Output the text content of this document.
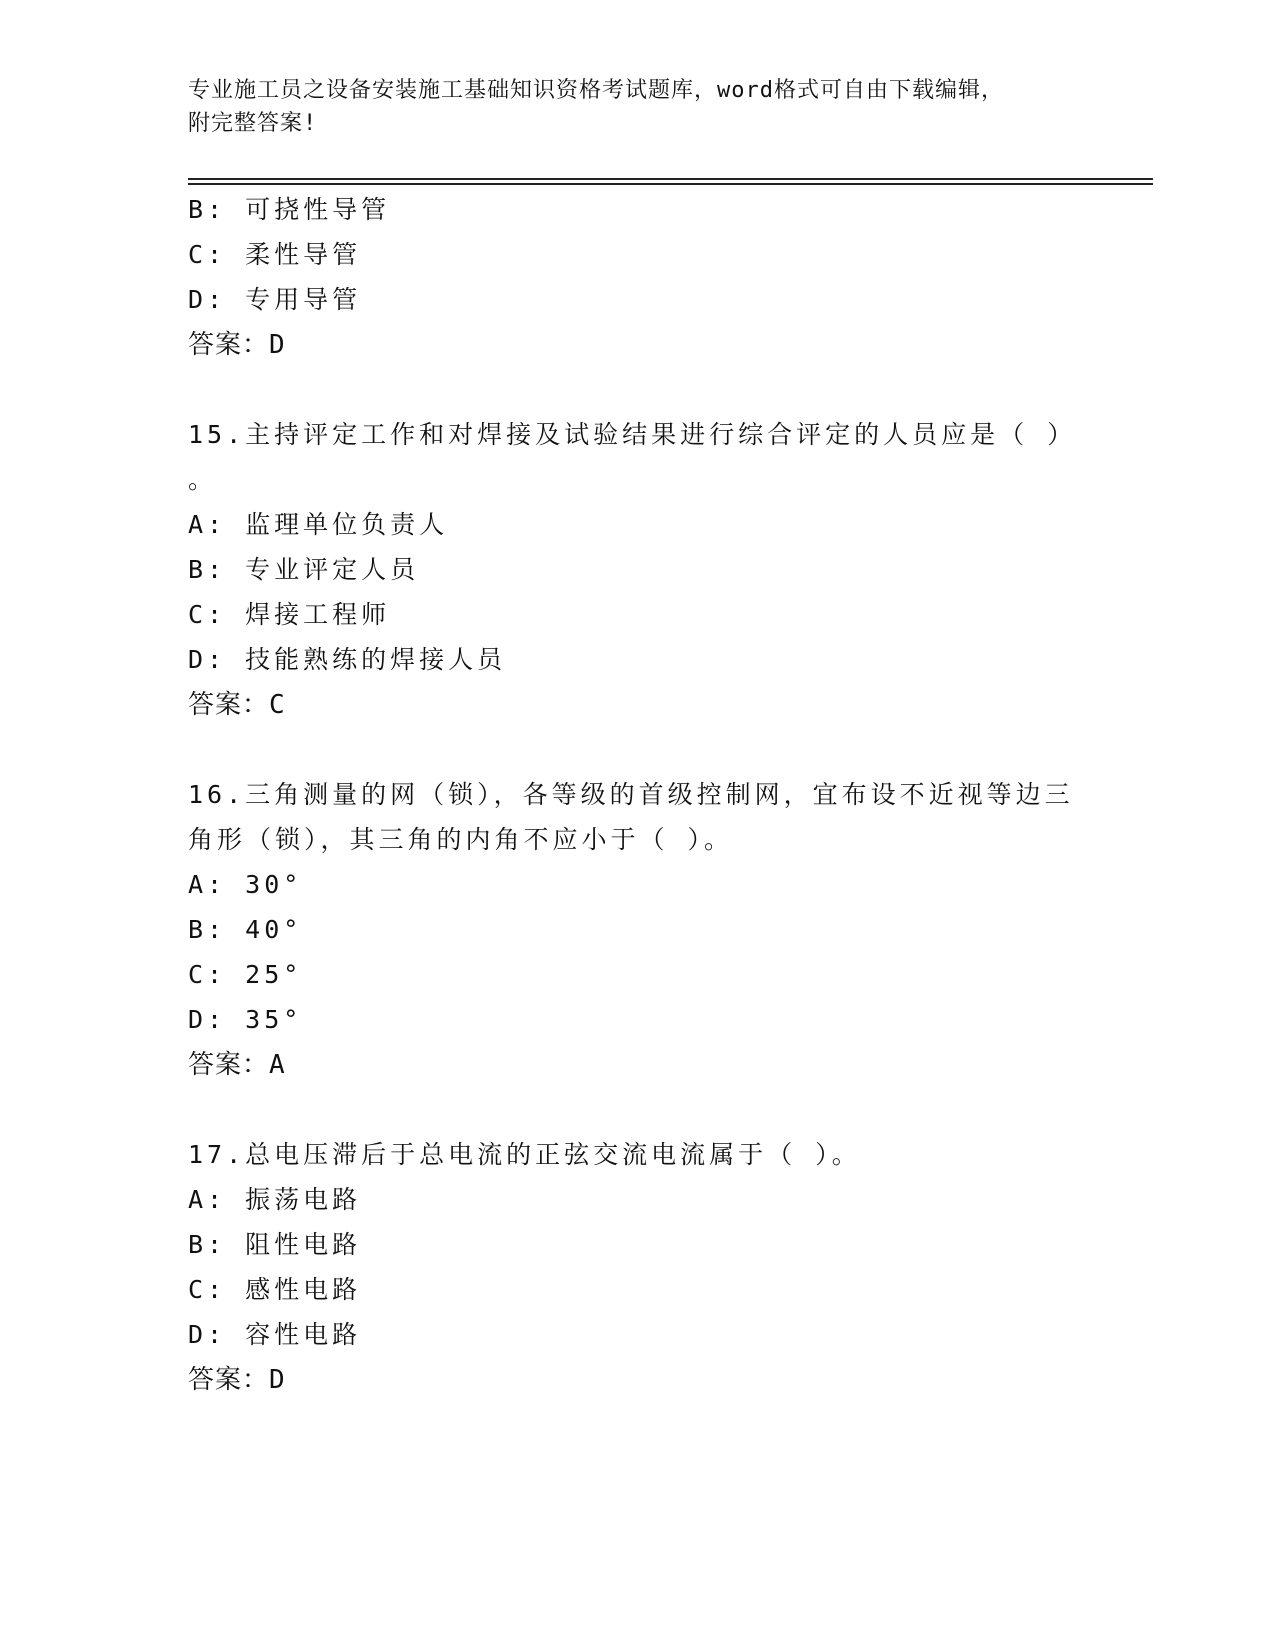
专业施工员之设备安装施工基础知识资格考试题库，word格式可自由下载编辑，
附完整答案!
B: 可挠性导管
C: 柔性导管
D: 专用导管
答案：D
15.主持评定工作和对焊接及试验结果进行综合评定的人员应是（ ）
。
A: 监理单位负责人
B: 专业评定人员
C: 焊接工程师
D: 技能熟练的焊接人员
答案：C
16.三角测量的网（锁），各等级的首级控制网，宜布设不近视等边三
角形（锁），其三角的内角不应小于（ ）。
A: 30°
B: 40°
C: 25°
D: 35°
答案：A
17.总电压滞后于总电流的正弦交流电流属于（ ）。
A: 振荡电路
B: 阻性电路
C: 感性电路
D: 容性电路
答案：D
